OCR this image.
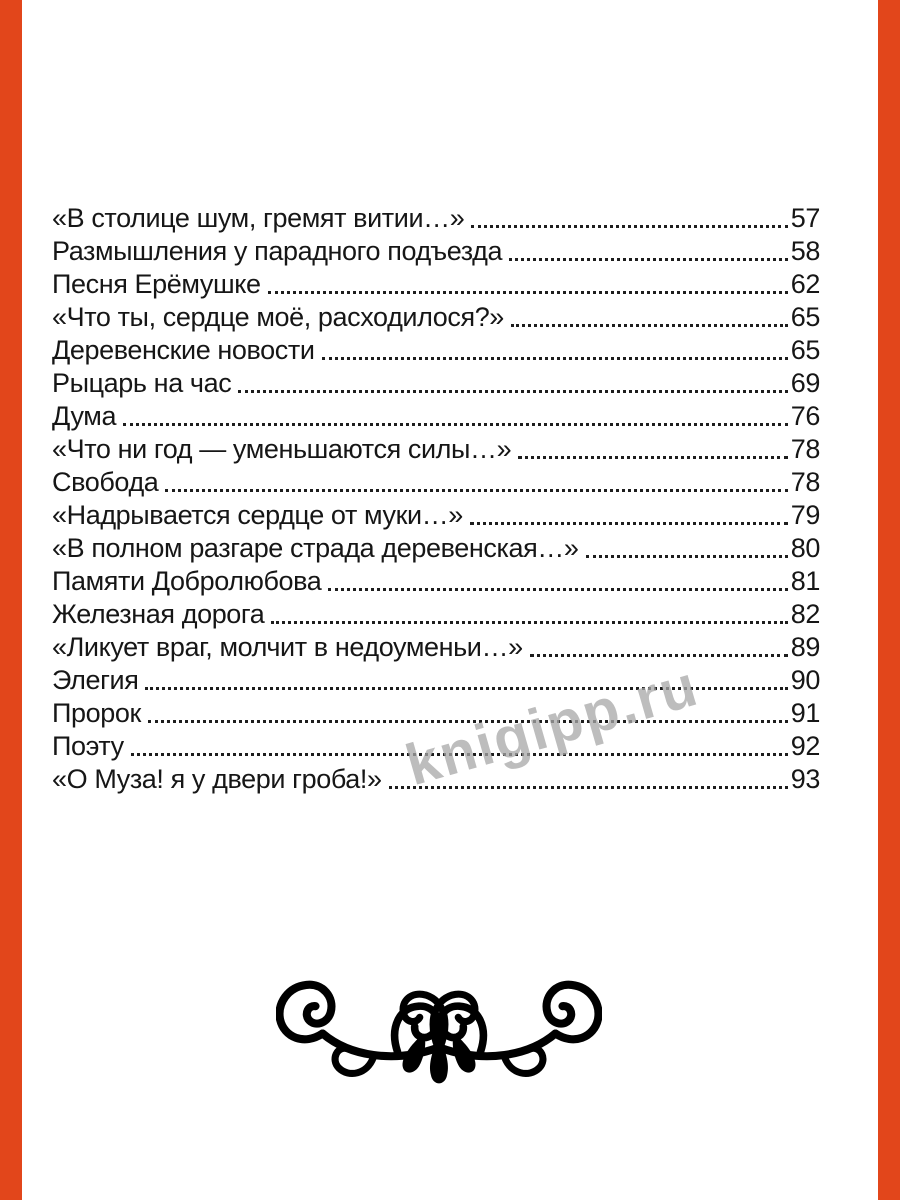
«В столице шум, гремят витии…»	57
Размышления у парадного подъезда	58
Песня Ерёмушке	62
«Что ты, сердце моё, расходилося?»	65
Деревенские новости	65
Рыцарь на час	69
Дума	76
«Что ни год — уменьшаются силы…»	78
Свобода	78
«Надрывается сердце от муки…»	79
«В полном разгаре страда деревенская…»	80
Памяти Добролюбова	81
Железная дорога	82
«Ликует враг, молчит в недоуменьи…»	89
Элегия	90
Пророк	91
Поэту	92
«О Муза! я у двери гроба!»	93
knigipp.ru
